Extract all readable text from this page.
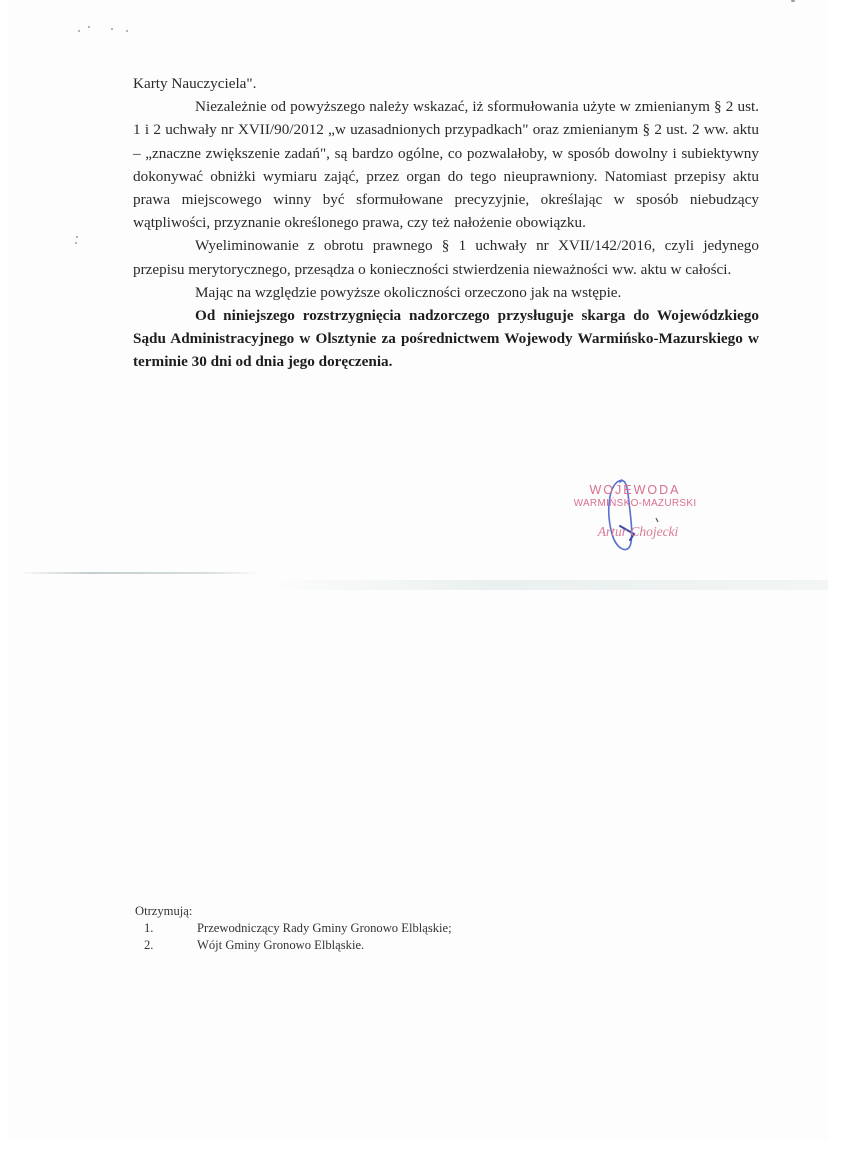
Karty Nauczyciela".

Niezależnie od powyższego należy wskazać, iż sformułowania użyte w zmienianym § 2 ust. 1 i 2 uchwały nr XVII/90/2012 „w uzasadnionych przypadkach" oraz zmienianym § 2 ust. 2 ww. aktu – „znaczne zwiększenie zadań", są bardzo ogólne, co pozwalałoby, w sposób dowolny i subiektywny dokonywać obniżki wymiaru zająć, przez organ do tego nieuprawniony. Natomiast przepisy aktu prawa miejscowego winny być sformułowane precyzyjnie, określając w sposób niebudzący wątpliwości, przyznanie określonego prawa, czy też nałożenie obowiązku.

Wyeliminowanie z obrotu prawnego § 1 uchwały nr XVII/142/2016, czyli jedynego przepisu merytorycznego, przesądza o konieczności stwierdzenia nieważności ww. aktu w całości.

Mając na względzie powyższe okoliczności orzeczono jak na wstępie.

Od niniejszego rozstrzygnięcia nadzorczego przysługuje skarga do Wojewódzkiego Sądu Administracyjnego w Olsztynie za pośrednictwem Wojewody Warmińsko-Mazurskiego w terminie 30 dni od dnia jego doręczenia.

WOJEWODA
WARMIŃSKO-MAZURSKI
Artur Chojecki
Otrzymują:
1.	Przewodniczący Rady Gminy Gronowo Elbląskie;
2.	Wójt Gminy Gronowo Elbląskie.
